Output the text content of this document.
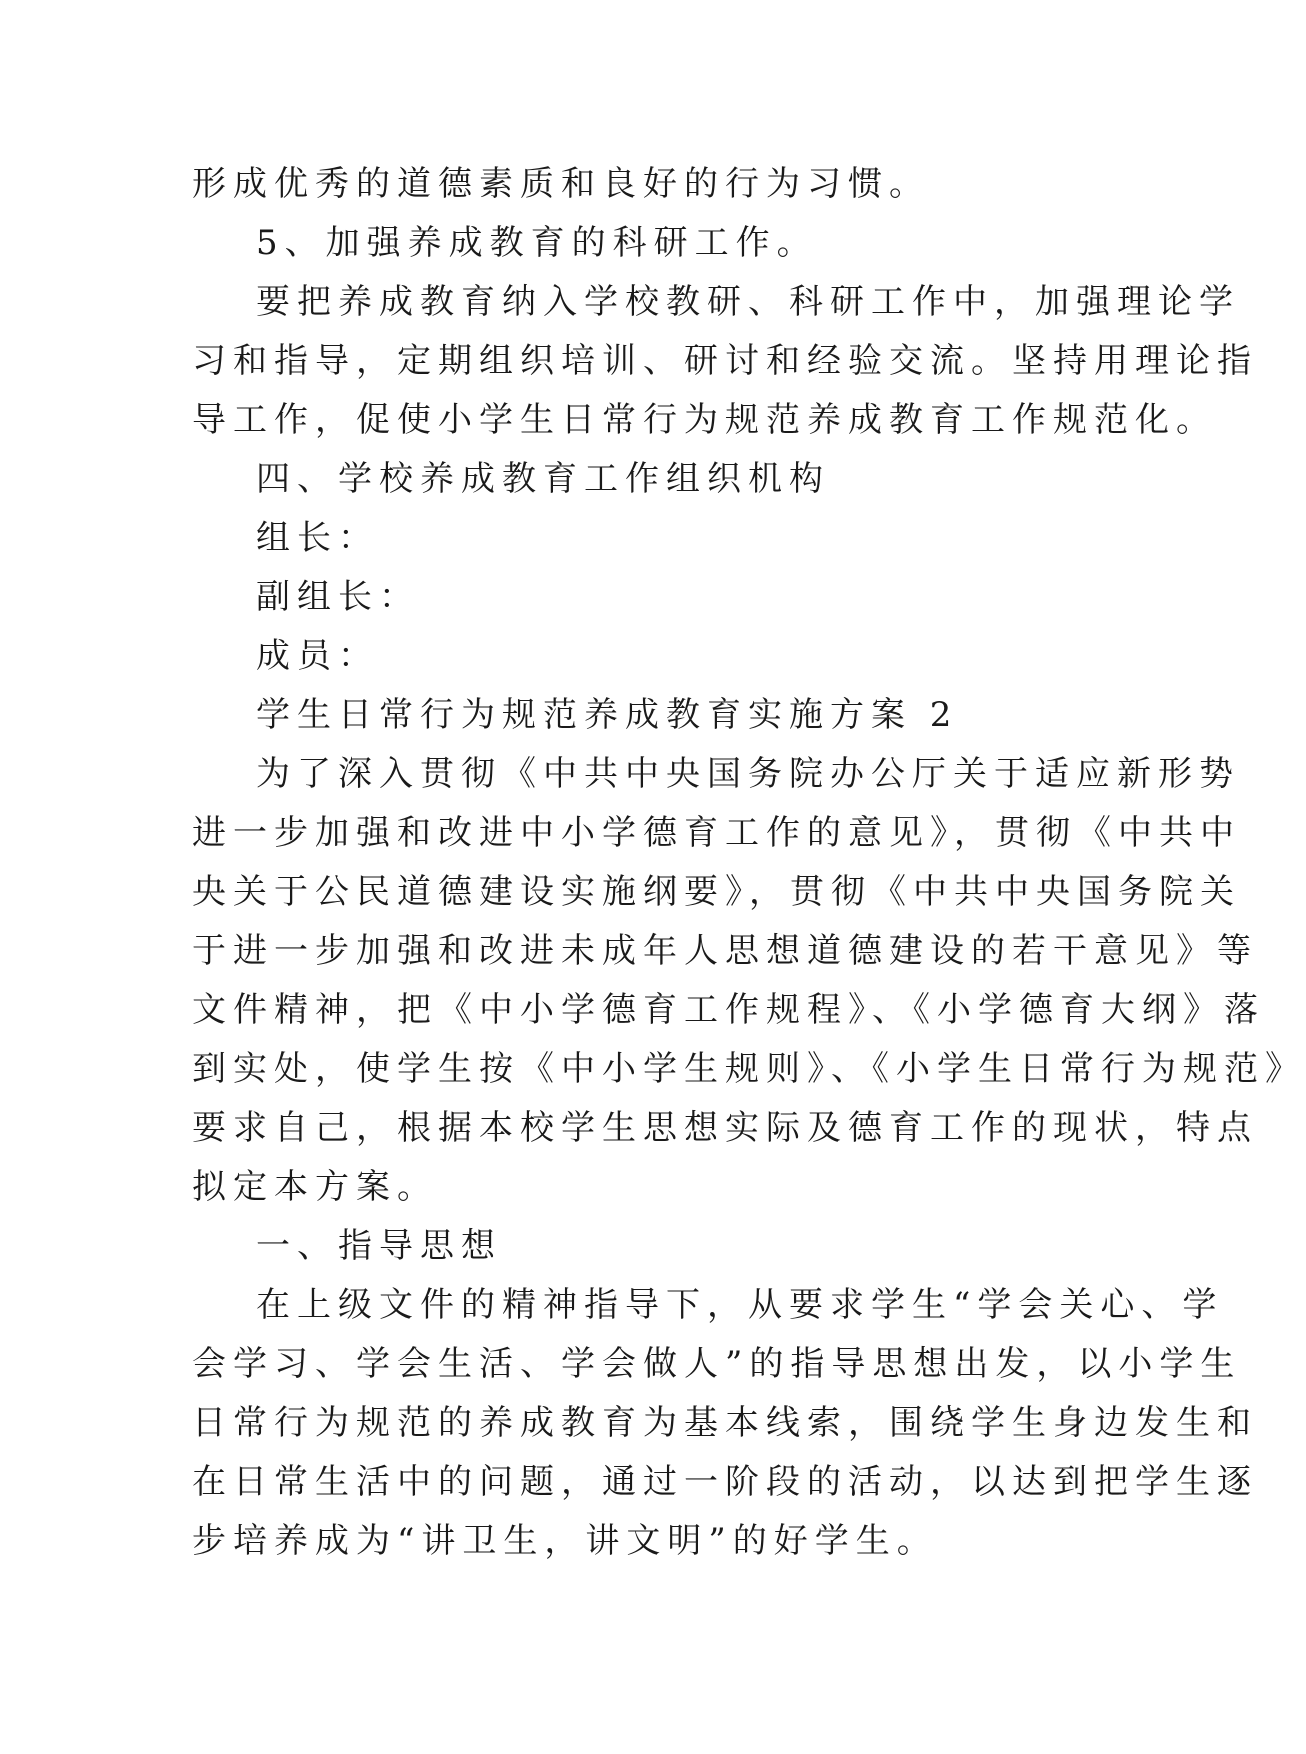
形成优秀的道德素质和良好的行为习惯。
5、加强养成教育的科研工作。
要把养成教育纳入学校教研、科研工作中，加强理论学
习和指导，定期组织培训、研讨和经验交流。坚持用理论指
导工作，促使小学生日常行为规范养成教育工作规范化。
四、学校养成教育工作组织机构
组长：
副组长：
成员：
学生日常行为规范养成教育实施方案 2
为了深入贯彻《中共中央国务院办公厅关于适应新形势
进一步加强和改进中小学德育工作的意见》，贯彻《中共中
央关于公民道德建设实施纲要》，贯彻《中共中央国务院关
于进一步加强和改进未成年人思想道德建设的若干意见》等
文件精神，把《中小学德育工作规程》、《小学德育大纲》落
到实处，使学生按《中小学生规则》、《小学生日常行为规范》
要求自己，根据本校学生思想实际及德育工作的现状，特点
拟定本方案。
一、指导思想
在上级文件的精神指导下，从要求学生“学会关心、学
会学习、学会生活、学会做人”的指导思想出发，以小学生
日常行为规范的养成教育为基本线索，围绕学生身边发生和
在日常生活中的问题，通过一阶段的活动，以达到把学生逐
步培养成为“讲卫生，讲文明”的好学生。
